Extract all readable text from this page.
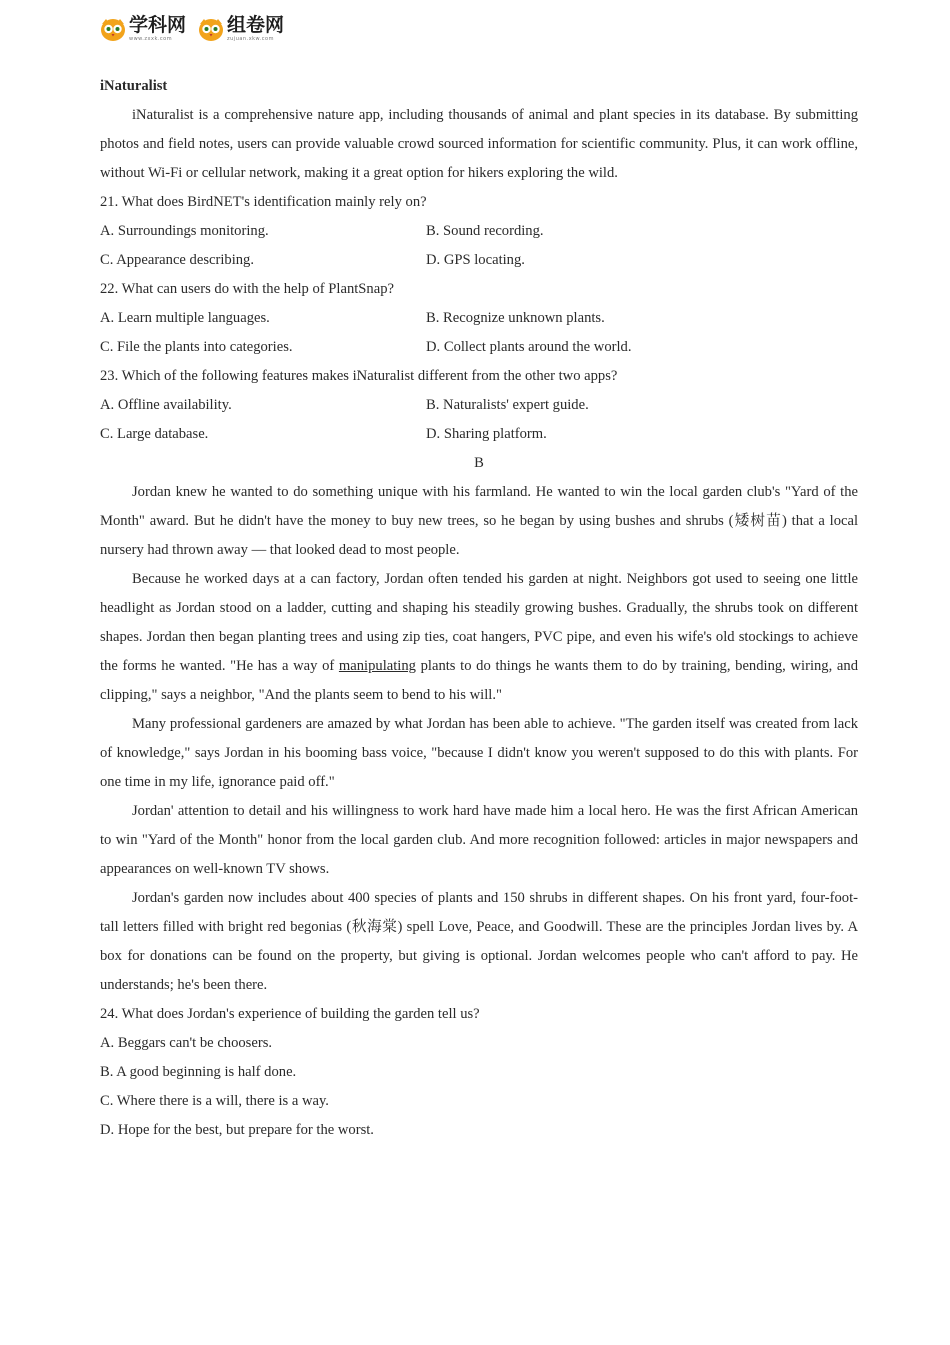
学科网
www.zxxk.com
组卷网
zujuan.xkw.com

iNaturalist

iNaturalist is a comprehensive nature app, including thousands of animal and plant species in its database. By submitting photos and field notes, users can provide valuable crowd sourced information for scientific community. Plus, it can work offline, without Wi-Fi or cellular network, making it a great option for hikers exploring the wild.

21. What does BirdNET's identification mainly rely on?

A. Surroundings monitoring.	B. Sound recording.
C. Appearance describing.	D. GPS locating.

22. What can users do with the help of PlantSnap?

A. Learn multiple languages.	B. Recognize unknown plants.
C. File the plants into categories.	D. Collect plants around the world.

23. Which of the following features makes iNaturalist different from the other two apps?

A. Offline availability.	B. Naturalists' expert guide.
C. Large database.	D. Sharing platform.

B

Jordan knew he wanted to do something unique with his farmland. He wanted to win the local garden club's "Yard of the Month" award. But he didn't have the money to buy new trees, so he began by using bushes and shrubs (矮树苗) that a local nursery had thrown away — that looked dead to most people.

Because he worked days at a can factory, Jordan often tended his garden at night. Neighbors got used to seeing one little headlight as Jordan stood on a ladder, cutting and shaping his steadily growing bushes. Gradually, the shrubs took on different shapes. Jordan then began planting trees and using zip ties, coat hangers, PVC pipe, and even his wife's old stockings to achieve the forms he wanted. "He has a way of manipulating plants to do things he wants them to do by training, bending, wiring, and clipping," says a neighbor, "And the plants seem to bend to his will."

Many professional gardeners are amazed by what Jordan has been able to achieve. "The garden itself was created from lack of knowledge," says Jordan in his booming bass voice, "because I didn't know you weren't supposed to do this with plants. For one time in my life, ignorance paid off."

Jordan' attention to detail and his willingness to work hard have made him a local hero. He was the first African American to win "Yard of the Month" honor from the local garden club. And more recognition followed: articles in major newspapers and appearances on well-known TV shows.

Jordan's garden now includes about 400 species of plants and 150 shrubs in different shapes. On his front yard, four-foot-tall letters filled with bright red begonias (秋海棠) spell Love, Peace, and Goodwill. These are the principles Jordan lives by. A box for donations can be found on the property, but giving is optional. Jordan welcomes people who can't afford to pay. He understands; he's been there.

24. What does Jordan's experience of building the garden tell us?

A. Beggars can't be choosers.

B. A good beginning is half done.

C. Where there is a will, there is a way.

D. Hope for the best, but prepare for the worst.
